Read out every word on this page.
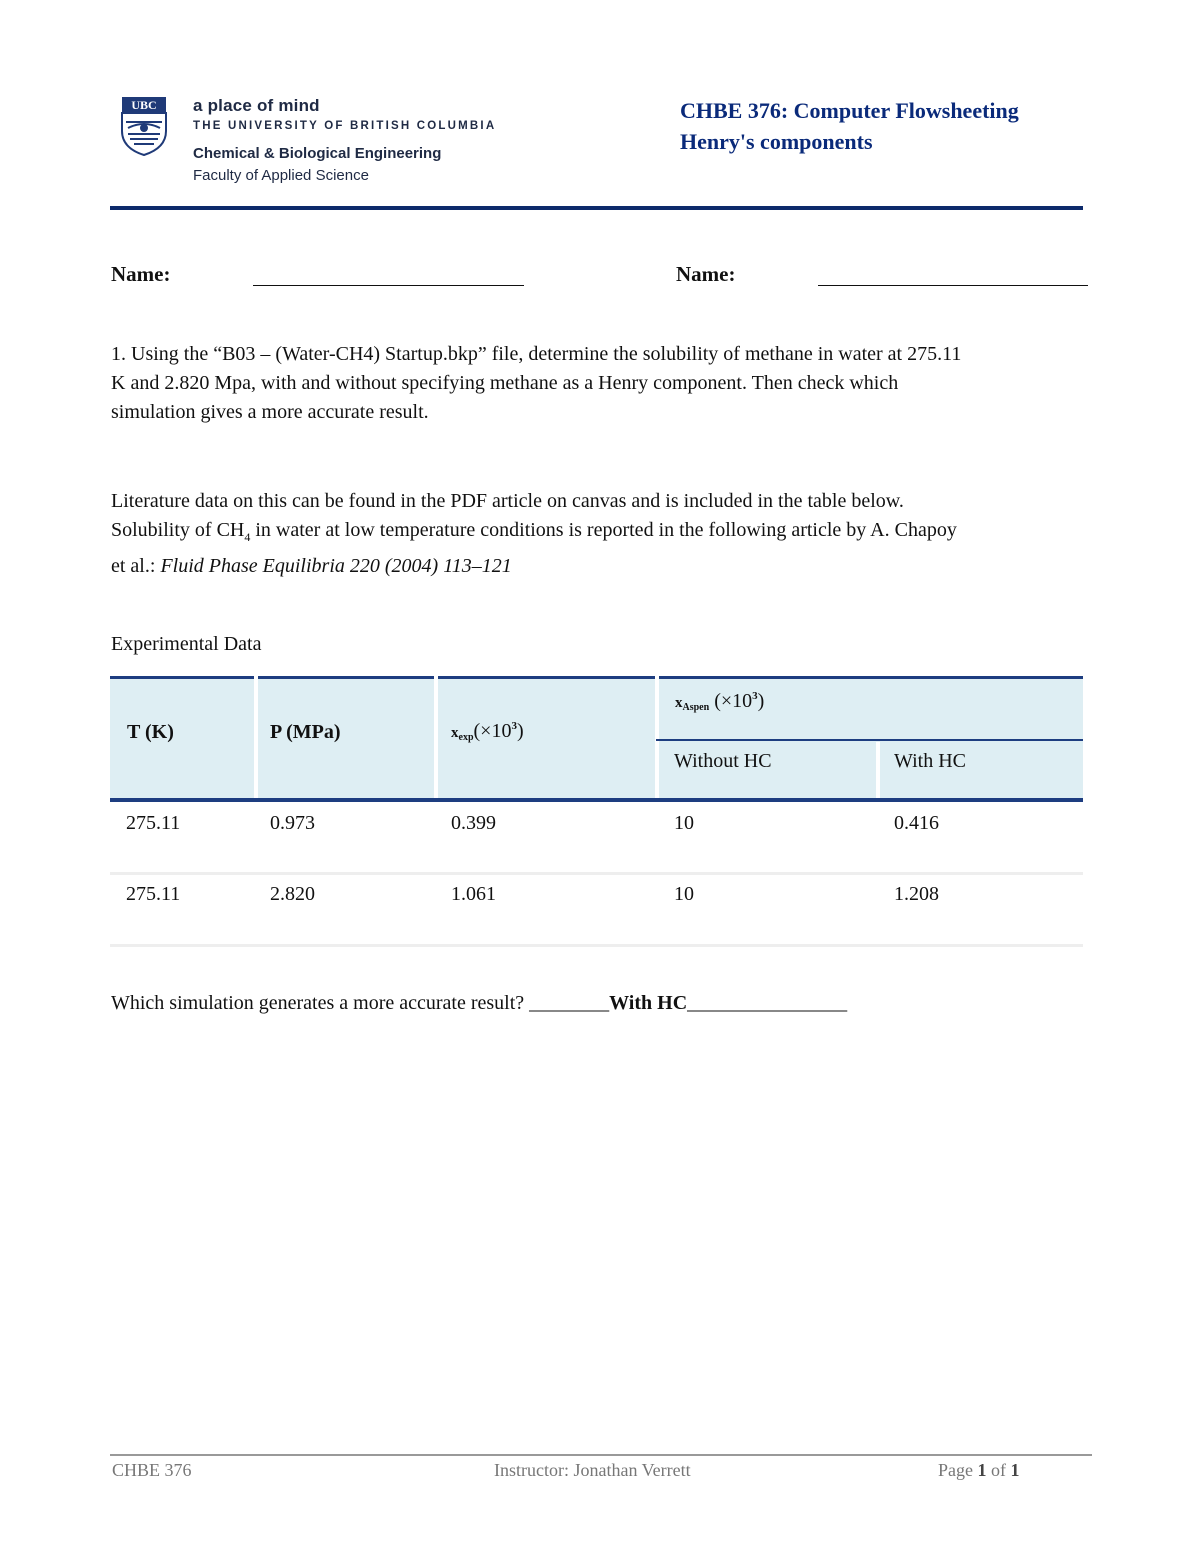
UBC a place of mind
THE UNIVERSITY OF BRITISH COLUMBIA
Chemical & Biological Engineering
Faculty of Applied Science
CHBE 376: Computer Flowsheeting
Henry's components
Name:	Name:
1. Using the “B03 – (Water-CH4) Startup.bkp” file, determine the solubility of methane in water at 275.11
K and 2.820 Mpa, with and without specifying methane as a Henry component. Then check which
simulation gives a more accurate result.
Literature data on this can be found in the PDF article on canvas and is included in the table below.
Solubility of $CH_4$ in water at low temperature conditions is reported in the following article by A. Chapoy
et al.: Fluid Phase Equilibria 220 (2004) 113–121
Experimental Data
T (K)	P (MPa)	$x_{exp}(\times 10^3)$
$x_{Aspen}$ $(\times 10^3)$
Without HC	With HC
275.11	0.973	0.399	10	0.416
275.11	2.820	1.061	10	1.208
Which simulation generates a more accurate result? ________With HC________________
CHBE 376	Instructor: Jonathan Verrett	Page 1 of 1
